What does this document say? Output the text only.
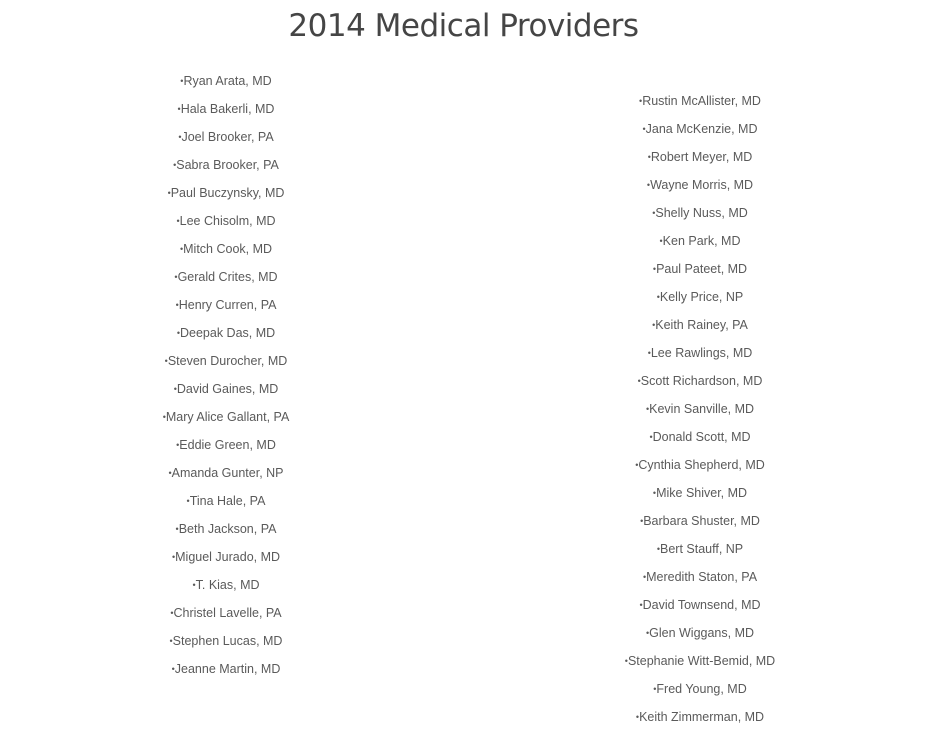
2014 Medical Providers
•Ryan Arata, MD
•Hala Bakerli, MD
•Joel Brooker, PA
•Sabra Brooker, PA
•Paul Buczynsky, MD
•Lee Chisolm, MD
•Mitch Cook, MD
•Gerald Crites, MD
•Henry Curren, PA
•Deepak Das, MD
•Steven Durocher, MD
•David Gaines, MD
•Mary Alice Gallant, PA
•Eddie Green, MD
•Amanda Gunter, NP
•Tina Hale, PA
•Beth Jackson, PA
•Miguel Jurado, MD
•T. Kias, MD
•Christel Lavelle, PA
•Stephen Lucas, MD
•Jeanne Martin, MD
•Rustin McAllister, MD
•Jana McKenzie, MD
•Robert Meyer, MD
•Wayne Morris, MD
•Shelly Nuss, MD
•Ken Park, MD
•Paul Pateet, MD
•Kelly Price, NP
•Keith Rainey, PA
•Lee Rawlings, MD
•Scott Richardson, MD
•Kevin Sanville, MD
•Donald Scott, MD
•Cynthia Shepherd, MD
•Mike Shiver, MD
•Barbara Shuster, MD
•Bert Stauff, NP
•Meredith Staton, PA
•David Townsend, MD
•Glen Wiggans, MD
•Stephanie Witt-Bemid, MD
•Fred Young, MD
•Keith Zimmerman, MD
